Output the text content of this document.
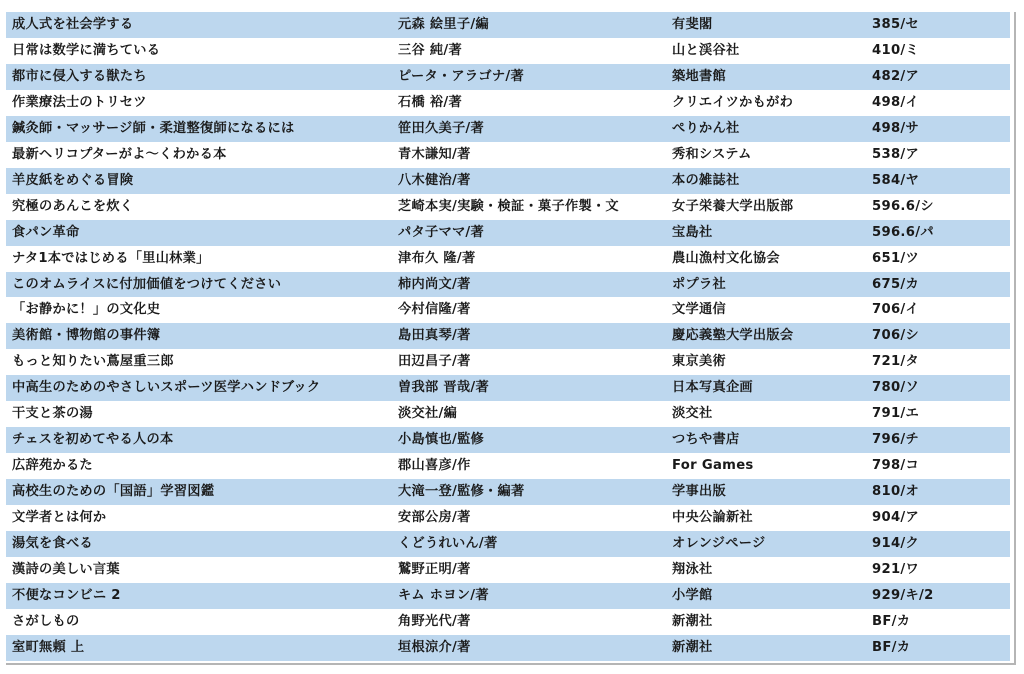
成人式を社会学する	元森 絵里子/編	有斐閣	385/セ
日常は数学に満ちている	三谷 純/著	山と渓谷社	410/ミ
都市に侵入する獣たち	ピータ・アラゴナ/著	築地書館	482/ア
作業療法士のトリセツ	石橋 裕/著	クリエイツかもがわ	498/イ
鍼灸師・マッサージ師・柔道整復師になるには	笹田久美子/著	ぺりかん社	498/サ
最新ヘリコプターがよ～くわかる本	青木謙知/著	秀和システム	538/ア
羊皮紙をめぐる冒険	八木健治/著	本の雑誌社	584/ヤ
究極のあんこを炊く	芝崎本実/実験・検証・菓子作製・文	女子栄養大学出版部	596.6/シ
食パン革命	パタ子ママ/著	宝島社	596.6/パ
ナタ1本ではじめる「里山林業」	津布久 隆/著	農山漁村文化協会	651/ツ
このオムライスに付加価値をつけてください	柿内尚文/著	ポプラ社	675/カ
「お静かに！」の文化史	今村信隆/著	文学通信	706/イ
美術館・博物館の事件簿	島田真琴/著	慶応義塾大学出版会	706/シ
もっと知りたい蔦屋重三郎	田辺昌子/著	東京美術	721/タ
中高生のためのやさしいスポーツ医学ハンドブック	曽我部 晋哉/著	日本写真企画	780/ソ
干支と茶の湯	淡交社/編	淡交社	791/エ
チェスを初めてやる人の本	小島慎也/監修	つちや書店	796/チ
広辞苑かるた	郡山喜彦/作	For Games	798/コ
高校生のための「国語」学習図鑑	大滝一登/監修・編著	学事出版	810/オ
文学者とは何か	安部公房/著	中央公論新社	904/ア
湯気を食べる	くどうれいん/著	オレンジページ	914/ク
漢詩の美しい言葉	鷲野正明/著	翔泳社	921/ワ
不便なコンビニ 2	キム ホヨン/著	小学館	929/キ/2
さがしもの	角野光代/著	新潮社	BF/カ
室町無頼 上	垣根涼介/著	新潮社	BF/カ
